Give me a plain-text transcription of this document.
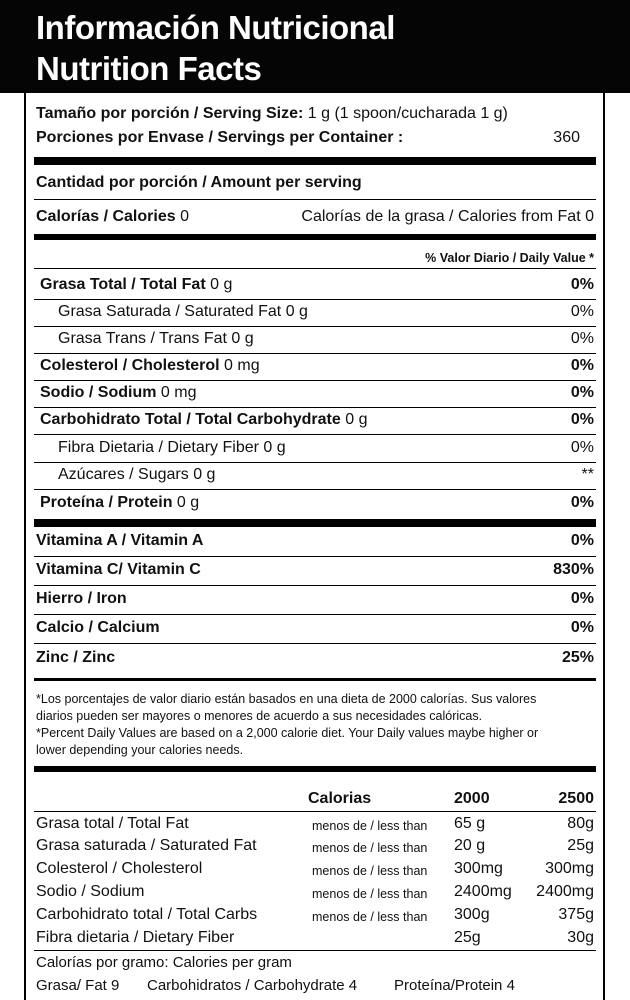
Información Nutricional
Nutrition Facts
Tamaño por porción / Serving Size: 1 g (1 spoon/cucharada 1 g)
Porciones por Envase / Servings per Container :	360
Cantidad por porción / Amount per serving
Calorías / Calories 0	Calorías de la grasa / Calories from Fat 0
% Valor Diario / Daily Value *
Grasa Total / Total Fat 0 g	0%
Grasa Saturada / Saturated Fat 0 g	0%
Grasa Trans / Trans Fat 0 g	0%
Colesterol / Cholesterol 0 mg	0%
Sodio / Sodium 0 mg	0%
Carbohidrato Total / Total Carbohydrate 0 g	0%
Fibra Dietaria / Dietary Fiber 0 g	0%
Azúcares / Sugars 0 g	**
Proteína / Protein 0 g	0%
Vitamina A / Vitamin A	0%
Vitamina C/ Vitamin C	830%
Hierro / Iron	0%
Calcio / Calcium	0%
Zinc / Zinc	25%
*Los porcentajes de valor diario están basados en una dieta de 2000 calorías. Sus valores
diarios pueden ser mayores o menores de acuerdo a sus necesidades calóricas.
*Percent Daily Values are based on a 2,000 calorie diet. Your Daily values maybe higher or
lower depending your calories needs.
Calorias	2000	2500
Grasa total / Total Fat	menos de / less than 65 g	80g
Grasa saturada / Saturated Fat	menos de / less than 20 g	25g
Colesterol / Cholesterol	menos de / less than 300mg	300mg
Sodio / Sodium	menos de / less than 2400mg 2400mg
Carbohidrato total / Total Carbs	menos de / less than 300g	375g
Fibra dietaria / Dietary Fiber	25g	30g
Calorías por gramo: Calories per gram
Grasa/ Fat 9 Carbohidratos / Carbohydrate 4 Proteína/Protein 4
